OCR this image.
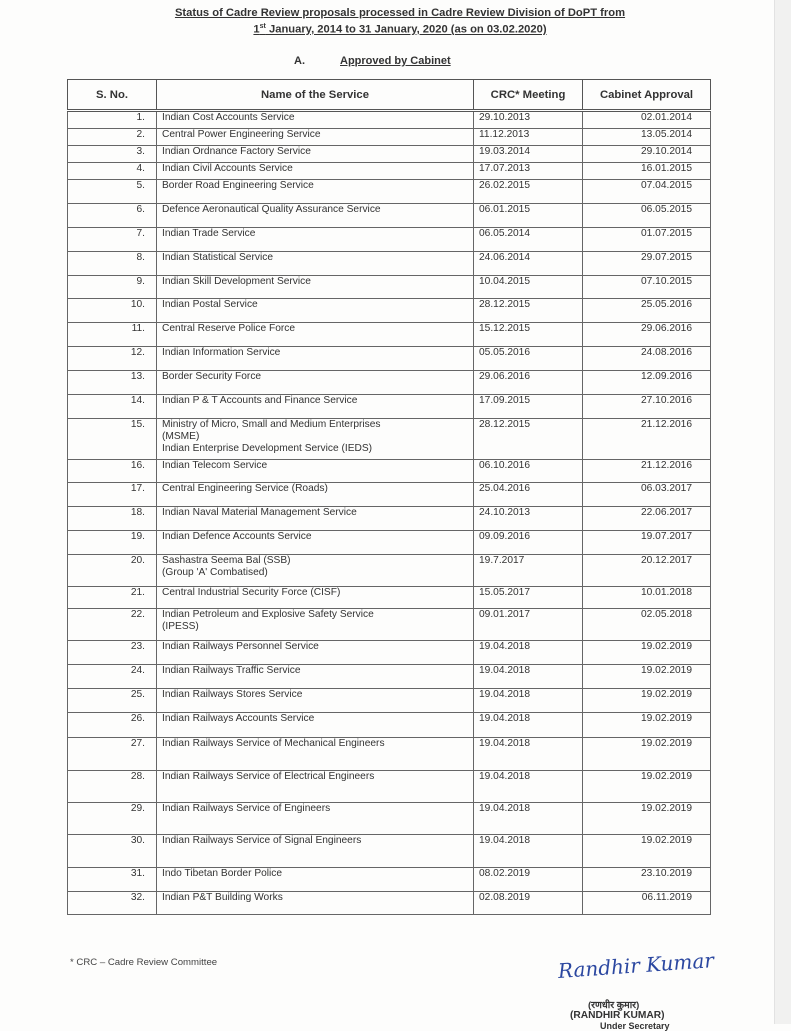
Status of Cadre Review proposals processed in Cadre Review Division of DoPT from
1st January, 2014 to 31 January, 2020 (as on 03.02.2020)
A.	Approved by Cabinet
S. No.	Name of the Service	CRC* Meeting	Cabinet Approval
1.	Indian Cost Accounts Service	29.10.2013	02.01.2014
2.	Central Power Engineering Service	11.12.2013	13.05.2014
3.	Indian Ordnance Factory Service	19.03.2014	29.10.2014
4.	Indian Civil Accounts Service	17.07.2013	16.01.2015
5.	Border Road Engineering Service	26.02.2015	07.04.2015
6.	Defence Aeronautical Quality Assurance Service	06.01.2015	06.05.2015
7.	Indian Trade Service	06.05.2014	01.07.2015
8.	Indian Statistical Service	24.06.2014	29.07.2015
9.	Indian Skill Development Service	10.04.2015	07.10.2015
10.	Indian Postal Service	28.12.2015	25.05.2016
11.	Central Reserve Police Force	15.12.2015	29.06.2016
12.	Indian Information Service	05.05.2016	24.08.2016
13.	Border Security Force	29.06.2016	12.09.2016
14.	Indian P & T Accounts and Finance Service	17.09.2015	27.10.2016
15.	Ministry of Micro, Small and Medium Enterprises
(MSME)
Indian Enterprise Development Service (IEDS)	28.12.2015	21.12.2016
16.	Indian Telecom Service	06.10.2016	21.12.2016
17.	Central Engineering Service (Roads)	25.04.2016	06.03.2017
18.	Indian Naval Material Management Service	24.10.2013	22.06.2017
19.	Indian Defence Accounts Service	09.09.2016	19.07.2017
20.	Sashastra Seema Bal (SSB)
(Group 'A' Combatised)	19.7.2017	20.12.2017
21.	Central Industrial Security Force (CISF)	15.05.2017	10.01.2018
22.	Indian Petroleum and Explosive Safety Service
(IPESS)	09.01.2017	02.05.2018
23.	Indian Railways Personnel Service	19.04.2018	19.02.2019
24.	Indian Railways Traffic Service	19.04.2018	19.02.2019
25.	Indian Railways Stores Service	19.04.2018	19.02.2019
26.	Indian Railways Accounts Service	19.04.2018	19.02.2019
27.	Indian Railways Service of Mechanical Engineers	19.04.2018	19.02.2019
28.	Indian Railways Service of Electrical Engineers	19.04.2018	19.02.2019
29.	Indian Railways Service of Engineers	19.04.2018	19.02.2019
30.	Indian Railways Service of Signal Engineers	19.04.2018	19.02.2019
31.	Indo Tibetan Border Police	08.02.2019	23.10.2019
32.	Indian P&T Building Works	02.08.2019	06.11.2019
* CRC – Cadre Review Committee	Randhir Kumar
(रणधीर कुमार)
(RANDHIR KUMAR)
Under Secretary
